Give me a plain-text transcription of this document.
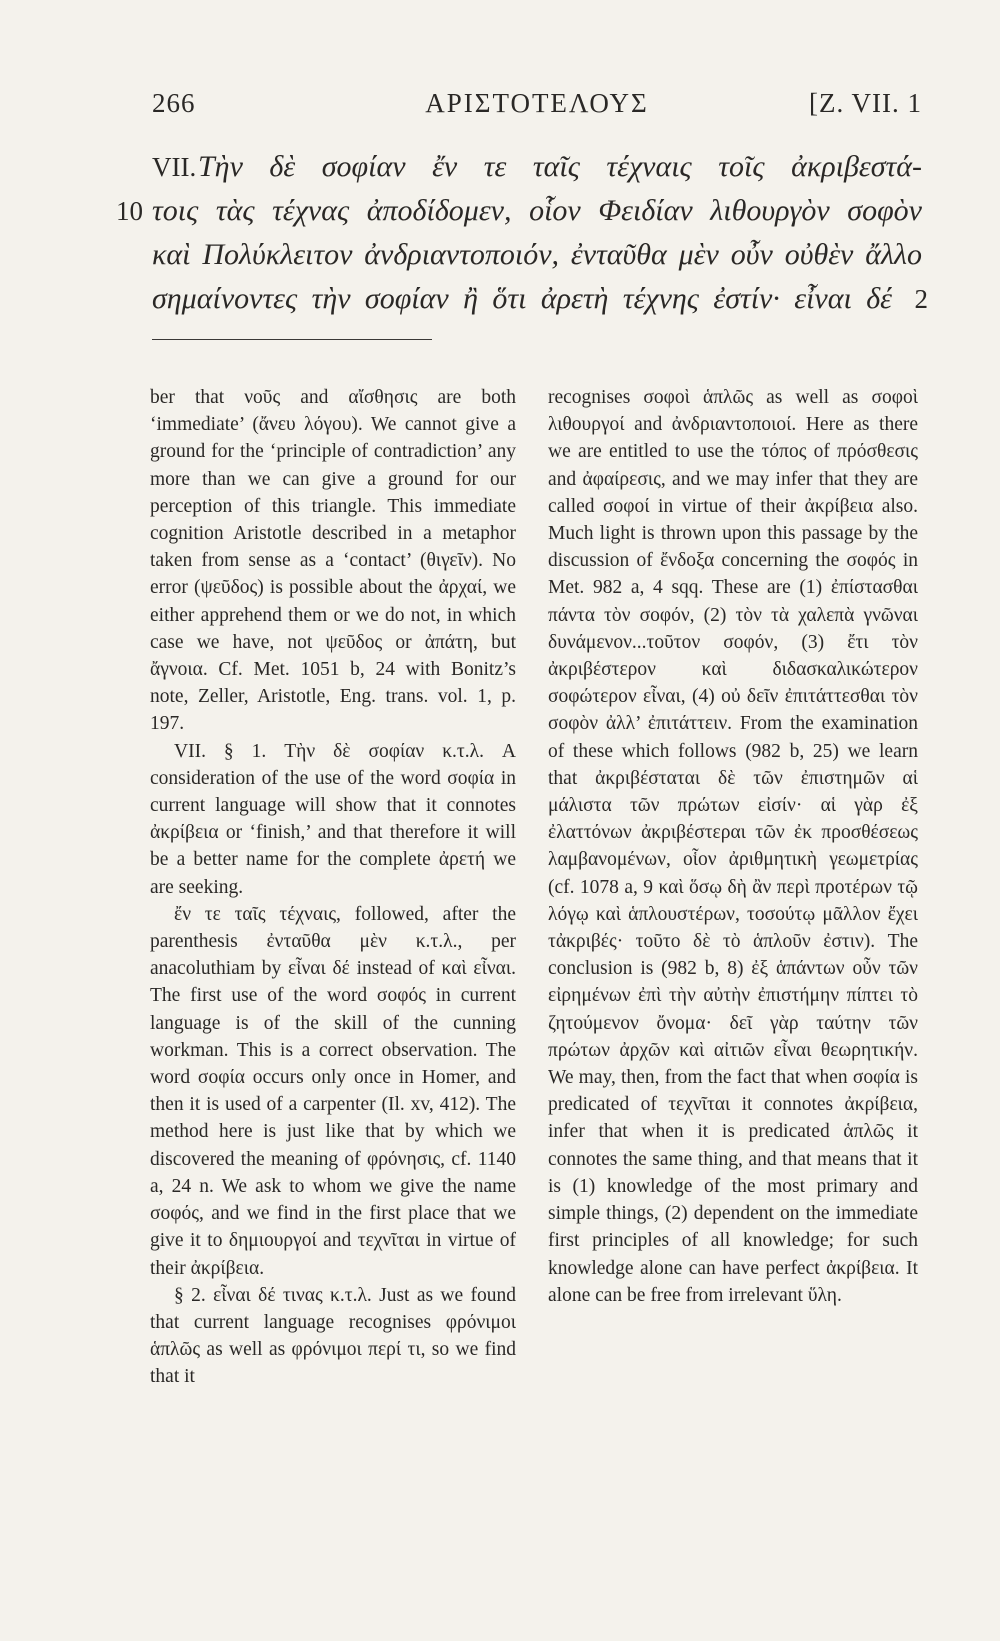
266	ΑΡΙΣΤΟΤΕΛΟΥΣ	[Z. VII. 1
VII. Τὴν δὲ σοφίαν ἔν τε ταῖς τέχναις τοῖς ἀκριβεστά-
10 τοις τὰς τέχνας ἀποδίδομεν, οἷον Φειδίαν λιθουργὸν σοφὸν
καὶ Πολύκλειτον ἀνδριαντοποιόν, ἐνταῦθα μὲν οὖν οὐθὲν ἄλλο
σημαίνοντες τὴν σοφίαν ἢ ὅτι ἀρετὴ τέχνης ἐστίν· εἶναι δέ 2

ber that νοῦς and αἴσθησις are both ‘immediate’ (ἄνευ λόγου). We cannot give a ground for the ‘principle of contradiction’ any more than we can give a ground for our perception of this triangle. This immediate cognition Aristotle described in a metaphor taken from sense as a ‘contact’ (θιγεῖν). No error (ψεῦδος) is possible about the ἀρχαί, we either apprehend them or we do not, in which case we have, not ψεῦδος or ἀπάτη, but ἄγνοια. Cf. Met. 1051 b, 24 with Bonitz’s note, Zeller, Aristotle, Eng. trans. vol. 1, p. 197.

VII. § 1. Τὴν δὲ σοφίαν κ.τ.λ. A consideration of the use of the word σοφία in current language will show that it connotes ἀκρίβεια or ‘finish,’ and that therefore it will be a better name for the complete ἀρετή we are seeking.

ἔν τε ταῖς τέχναις, followed, after the parenthesis ἐνταῦθα μὲν κ.τ.λ., per anacoluthiam by εἶναι δέ instead of καὶ εἶναι. The first use of the word σοφός in current language is of the skill of the cunning workman. This is a correct observation. The word σοφία occurs only once in Homer, and then it is used of a carpenter (Il. xv, 412). The method here is just like that by which we discovered the meaning of φρόνησις, cf. 1140 a, 24 n. We ask to whom we give the name σοφός, and we find in the first place that we give it to δημιουργοί and τεχνῖται in virtue of their ἀκρίβεια.

§ 2. εἶναι δέ τινας κ.τ.λ. Just as we found that current language recognises φρόνιμοι ἁπλῶς as well as φρόνιμοι περί τι, so we find that it

recognises σοφοὶ ἁπλῶς as well as σοφοὶ λιθουργοί and ἀνδριαντοποιοί. Here as there we are entitled to use the τόπος of πρόσθεσις and ἀφαίρεσις, and we may infer that they are called σοφοί in virtue of their ἀκρίβεια also. Much light is thrown upon this passage by the discussion of ἔνδοξα concerning the σοφός in Met. 982 a, 4 sqq. These are (1) ἐπίστασθαι πάντα τὸν σοφόν, (2) τὸν τὰ χαλεπὰ γνῶναι δυνάμενον...τοῦτον σοφόν, (3) ἔτι τὸν ἀκριβέστερον καὶ διδασκαλικώτερον σοφώτερον εἶναι, (4) οὐ δεῖν ἐπιτάττεσθαι τὸν σοφὸν ἀλλ’ ἐπιτάττειν. From the examination of these which follows (982 b, 25) we learn that ἀκριβέσταται δὲ τῶν ἐπιστημῶν αἱ μάλιστα τῶν πρώτων εἰσίν· αἱ γὰρ ἐξ ἐλαττόνων ἀκριβέστεραι τῶν ἐκ προσθέσεως λαμβανομένων, οἷον ἀριθμητικὴ γεωμετρίας (cf. 1078 a, 9 καὶ ὅσῳ δὴ ἂν περὶ προτέρων τῷ λόγῳ καὶ ἁπλουστέρων, τοσούτῳ μᾶλλον ἔχει τἀκριβές· τοῦτο δὲ τὸ ἁπλοῦν ἐστιν). The conclusion is (982 b, 8) ἐξ ἁπάντων οὖν τῶν εἰρημένων ἐπὶ τὴν αὐτὴν ἐπιστήμην πίπτει τὸ ζητούμενον ὄνομα· δεῖ γὰρ ταύτην τῶν πρώτων ἀρχῶν καὶ αἰτιῶν εἶναι θεωρητικήν. We may, then, from the fact that when σοφία is predicated of τεχνῖται it connotes ἀκρίβεια, infer that when it is predicated ἁπλῶς it connotes the same thing, and that means that it is (1) knowledge of the most primary and simple things, (2) dependent on the immediate first principles of all knowledge; for such knowledge alone can have perfect ἀκρίβεια. It alone can be free from irrelevant ὕλη.
